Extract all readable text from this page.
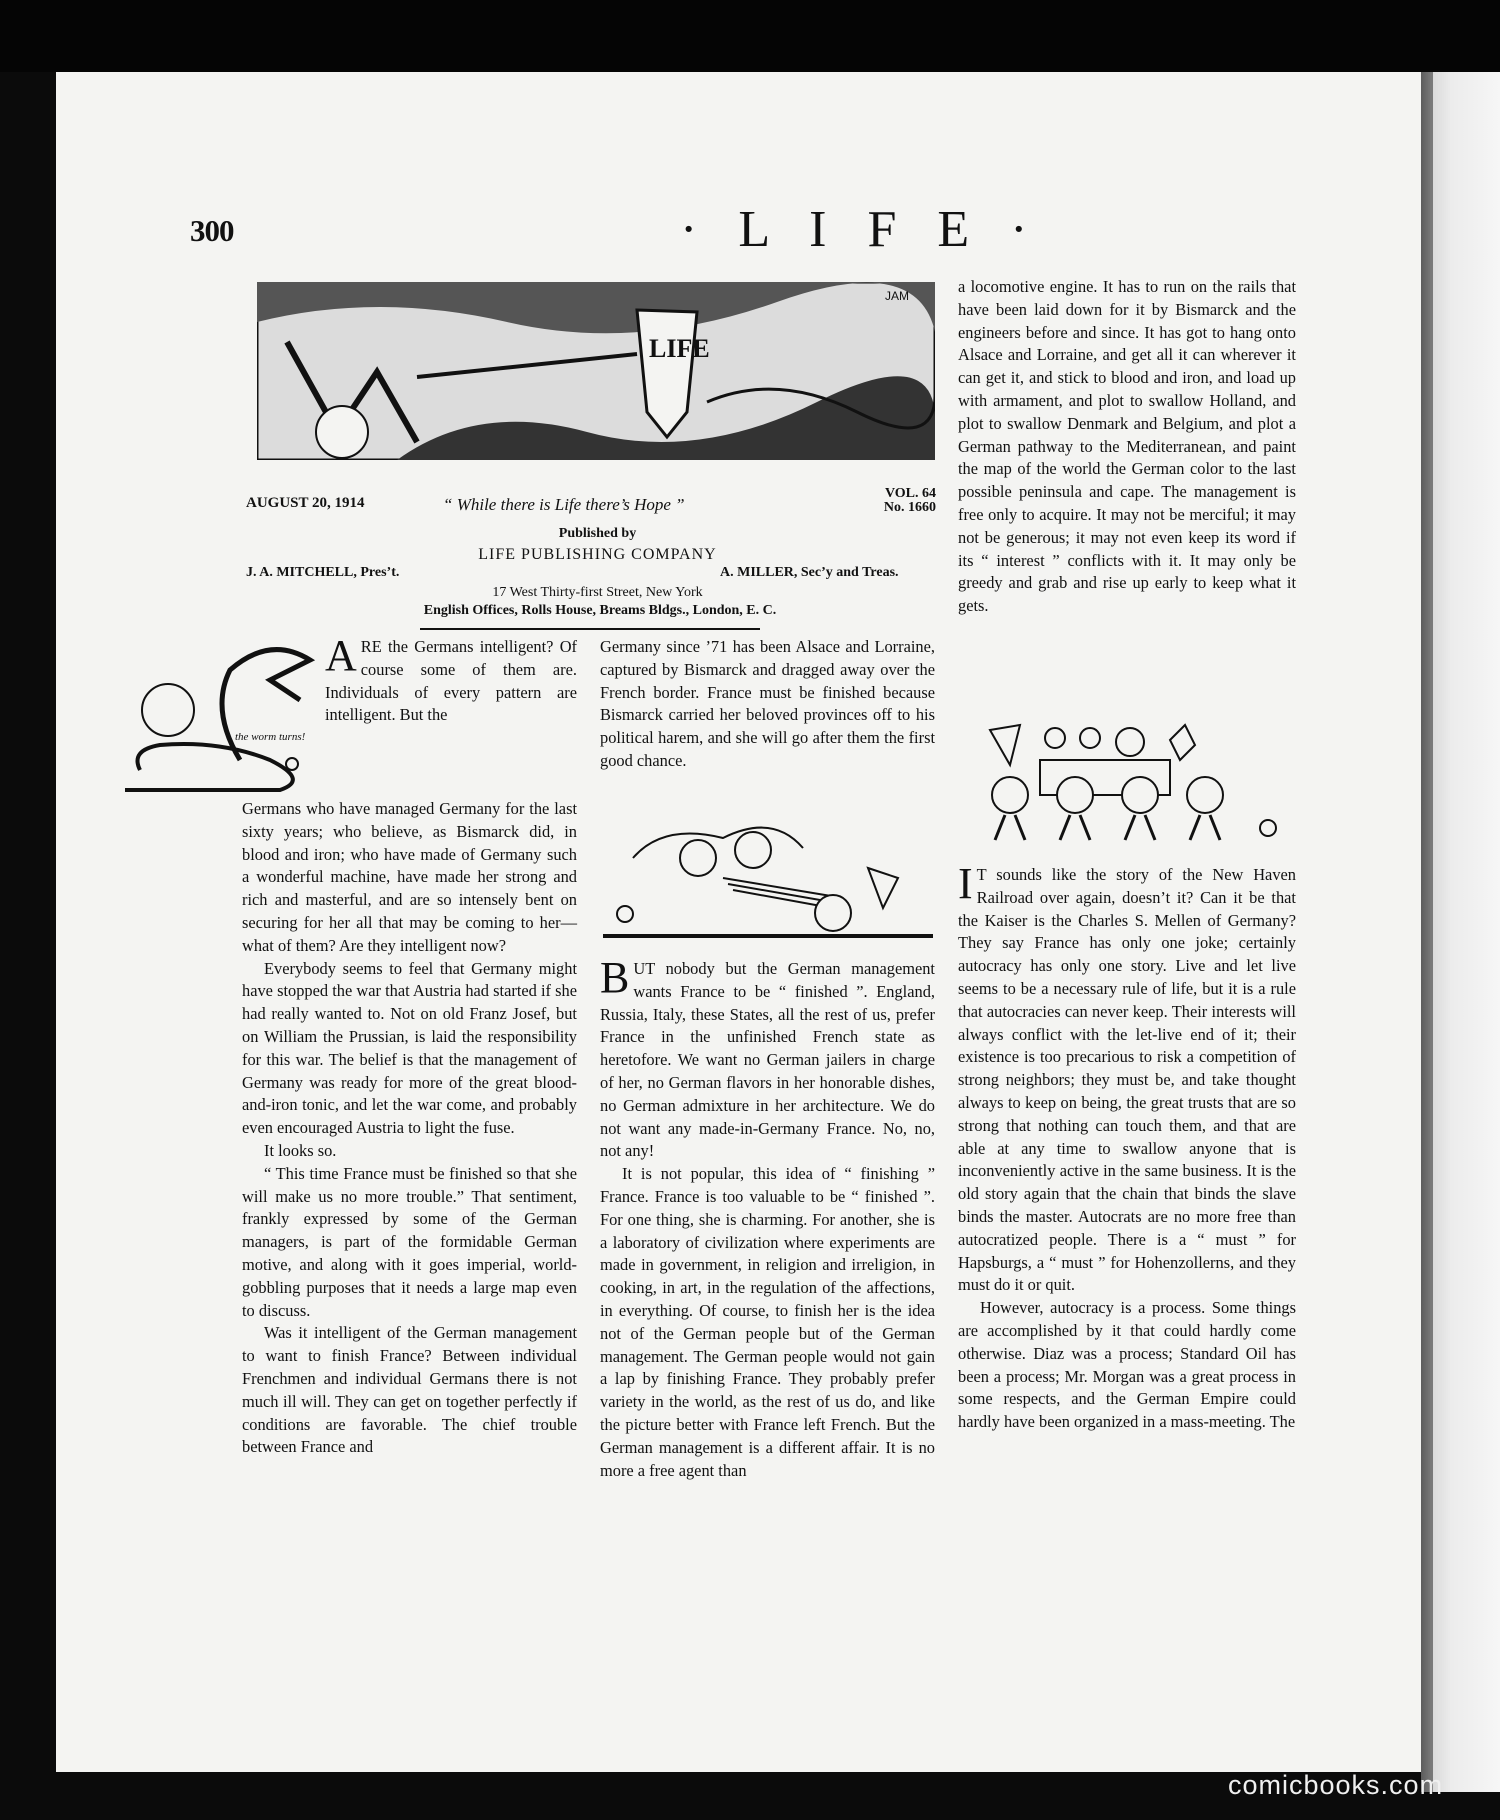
300	· L I F E ·
LIFE
JAM
AUGUST 20, 1914	“ While there is Life there’s Hope ”
VOL. 64
No. 1660
Published by
LIFE PUBLISHING COMPANY
J. A. MITCHELL, Pres’t.	A. MILLER, Sec’y and Treas.
17 West Thirty-first Street, New York
English Offices, Rolls House, Breams Bldgs., London, E. C.
the worm turns!

ARE the Germans intelligent? Of course some of them are. Individuals of every pattern are intelligent. But the

Germans who have managed Germany for the last sixty years; who believe, as Bismarck did, in blood and iron; who have made of Germany such a wonderful machine, have made her strong and rich and masterful, and are so intensely bent on securing for her all that may be coming to her—what of them? Are they intelligent now?

Everybody seems to feel that Germany might have stopped the war that Austria had started if she had really wanted to. Not on old Franz Josef, but on William the Prussian, is laid the responsibility for this war. The belief is that the management of Germany was ready for more of the great blood-and-iron tonic, and let the war come, and probably even encouraged Austria to light the fuse.

It looks so.

“ This time France must be finished so that she will make us no more trouble.” That sentiment, frankly expressed by some of the German managers, is part of the formidable German motive, and along with it goes imperial, world-gobbling purposes that it needs a large map even to discuss.

Was it intelligent of the German management to want to finish France? Between individual Frenchmen and individual Germans there is not much ill will. They can get on together perfectly if conditions are favorable. The chief trouble between France and

Germany since ’71 has been Alsace and Lorraine, captured by Bismarck and dragged away over the French border. France must be finished because Bismarck carried her beloved provinces off to his political harem, and she will go after them the first good chance.

BUT nobody but the German management wants France to be “ finished ”. England, Russia, Italy, these States, all the rest of us, prefer France in the unfinished French state as heretofore. We want no German jailers in charge of her, no German flavors in her honorable dishes, no German admixture in her architecture. We do not want any made-in-Germany France. No, no, not any!

It is not popular, this idea of “ finishing ” France. France is too valuable to be “ finished ”. For one thing, she is charming. For another, she is a laboratory of civilization where experiments are made in government, in religion and irreligion, in cooking, in art, in the regulation of the affections, in everything. Of course, to finish her is the idea not of the German people but of the German management. The German people would not gain a lap by finishing France. They probably prefer variety in the world, as the rest of us do, and like the picture better with France left French. But the German management is a different affair. It is no more a free agent than

a locomotive engine. It has to run on the rails that have been laid down for it by Bismarck and the engineers before and since. It has got to hang onto Alsace and Lorraine, and get all it can wherever it can get it, and stick to blood and iron, and load up with armament, and plot to swallow Holland, and plot to swallow Denmark and Belgium, and plot a German pathway to the Mediterranean, and paint the map of the world the German color to the last possible peninsula and cape. The management is free only to acquire. It may not be merciful; it may not be generous; it may not even keep its word if its “ interest ” conflicts with it. It may only be greedy and grab and rise up early to keep what it gets.

I T sounds like the story of the New Haven Railroad over again, doesn’t it? Can it be that the Kaiser is the Charles S. Mellen of Germany? They say France has only one joke; certainly autocracy has only one story. Live and let live seems to be a necessary rule of life, but it is a rule that autocracies can never keep. Their interests will always conflict with the let-live end of it; their existence is too precarious to risk a competition of strong neighbors; they must be, and take thought always to keep on being, the great trusts that are so strong that nothing can touch them, and that are able at any time to swallow anyone that is inconveniently active in the same business. It is the old story again that the chain that binds the slave binds the master. Autocrats are no more free than autocratized people. There is a “ must ” for Hapsburgs, a “ must ” for Hohenzollerns, and they must do it or quit.

However, autocracy is a process. Some things are accomplished by it that could hardly come otherwise. Diaz was a process; Standard Oil has been a process; Mr. Morgan was a great process in some respects, and the German Empire could hardly have been organized in a mass-meeting. The

comicbooks.com
